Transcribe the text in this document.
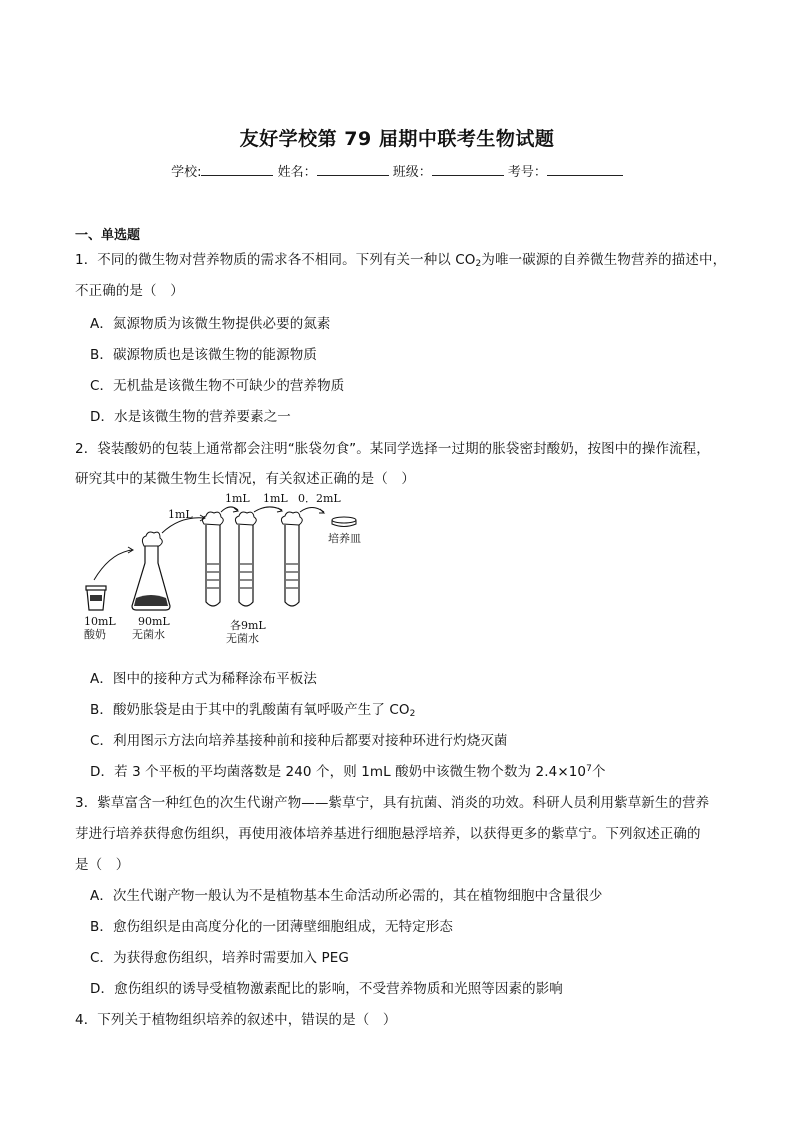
友好学校第 79 届期中联考生物试题
学校:	姓名：	班级：	考号：
一、单选题
1．不同的微生物对营养物质的需求各不相同。下列有关一种以 $CO_2$为唯一碳源的自养微生物营养的描述中，
不正确的是（　）
A．氮源物质为该微生物提供必要的氮素
B．碳源物质也是该微生物的能源物质
C．无机盐是该微生物不可缺少的营养物质
D．水是该微生物的营养要素之一
2．袋装酸奶的包装上通常都会注明“胀袋勿食”。某同学选择一过期的胀袋密封酸奶，按图中的操作流程，
研究其中的某微生物生长情况，有关叙述正确的是（　）
10mL
酸奶
90mL
无菌水
1mL
1mL 1mL 0．2mL
培养皿
各9mL
无菌水
A．图中的接种方式为稀释涂布平板法
B．酸奶胀袋是由于其中的乳酸菌有氧呼吸产生了 $CO_2$
C．利用图示方法向培养基接种前和接种后都要对接种环进行灼烧灭菌
D．若 3 个平板的平均菌落数是 240 个，则 1mL 酸奶中该微生物个数为 $2.4\times 10^7$个
3．紫草富含一种红色的次生代谢产物——紫草宁，具有抗菌、消炎的功效。科研人员利用紫草新生的营养
芽进行培养获得愈伤组织，再使用液体培养基进行细胞悬浮培养，以获得更多的紫草宁。下列叙述正确的
是（　）
A．次生代谢产物一般认为不是植物基本生命活动所必需的，其在植物细胞中含量很少
B．愈伤组织是由高度分化的一团薄壁细胞组成，无特定形态
C．为获得愈伤组织，培养时需要加入 PEG
D．愈伤组织的诱导受植物激素配比的影响，不受营养物质和光照等因素的影响
4．下列关于植物组织培养的叙述中，错误的是（　）
